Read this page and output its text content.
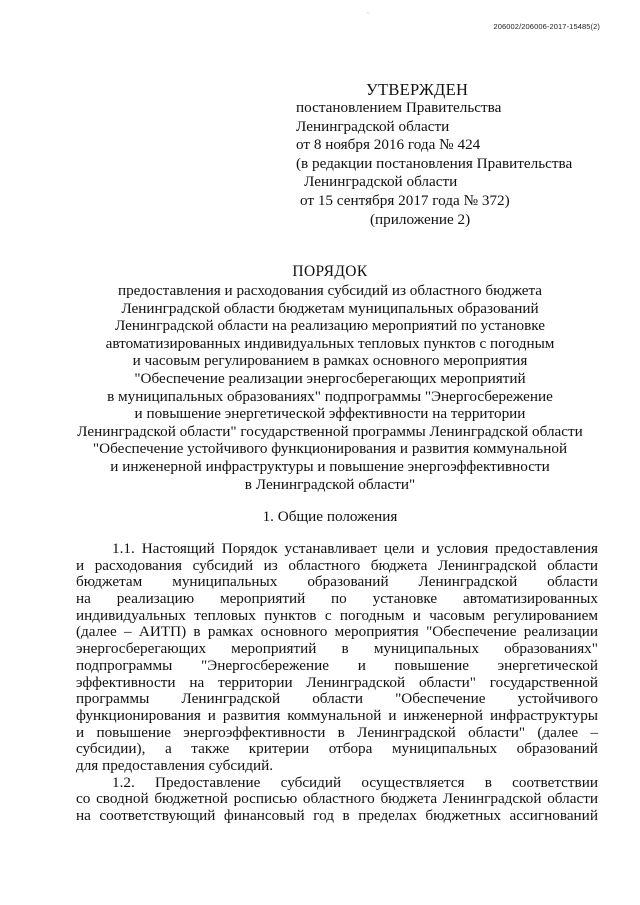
ˎ
206002/206006-2017-15485(2)
УТВЕРЖДЕН
постановлением Правительства
Ленинградской области
от 8 ноября 2016 года № 424
(в редакции постановления Правительства
Ленинградской области
от 15 сентября 2017 года № 372)
(приложение 2)
ПОРЯДОК
предоставления и расходования субсидий из областного бюджета
Ленинградской области бюджетам муниципальных образований
Ленинградской области на реализацию мероприятий по установке
автоматизированных индивидуальных тепловых пунктов с погодным
и часовым регулированием в рамках основного мероприятия
"Обеспечение реализации энергосберегающих мероприятий
в муниципальных образованиях" подпрограммы "Энергосбережение
и повышение энергетической эффективности на территории
Ленинградской области" государственной программы Ленинградской области
"Обеспечение устойчивого функционирования и развития коммунальной
и инженерной инфраструктуры и повышение энергоэффективности
в Ленинградской области"
1. Общие положения
1.1. Настоящий Порядок устанавливает цели и условия предоставления
и расходования субсидий из областного бюджета Ленинградской области
бюджетам муниципальных образований Ленинградской области
на реализацию мероприятий по установке автоматизированных
индивидуальных тепловых пунктов с погодным и часовым регулированием
(далее – АИТП) в рамках основного мероприятия "Обеспечение реализации
энергосберегающих мероприятий в муниципальных образованиях"
подпрограммы "Энергосбережение и повышение энергетической
эффективности на территории Ленинградской области" государственной
программы Ленинградской области "Обеспечение устойчивого
функционирования и развития коммунальной и инженерной инфраструктуры
и повышение энергоэффективности в Ленинградской области" (далее –
субсидии), а также критерии отбора муниципальных образований
для предоставления субсидий.
1.2. Предоставление субсидий осуществляется в соответствии
со сводной бюджетной росписью областного бюджета Ленинградской области
на соответствующий финансовый год в пределах бюджетных ассигнований
